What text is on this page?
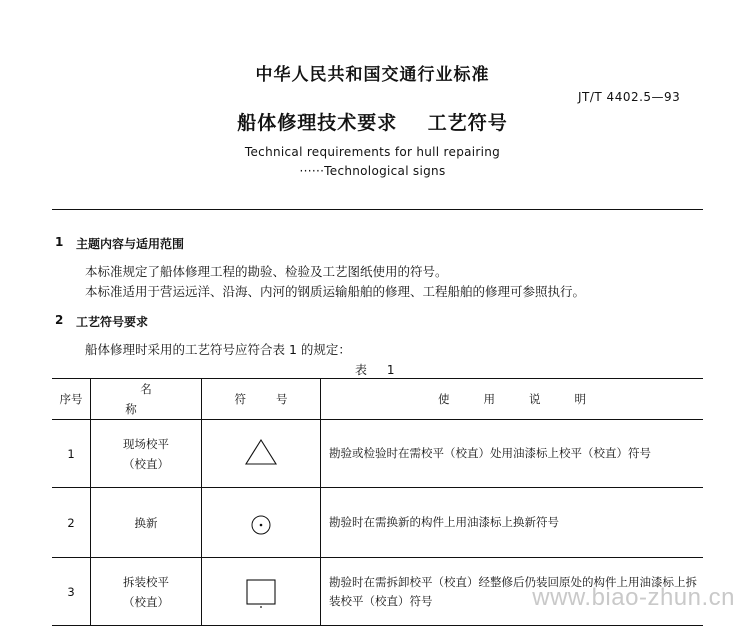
中华人民共和国交通行业标准
JT/T 4402.5—93
船体修理技术要求    工艺符号
Technical requirements for hull repairing
······Technological signs
1 主题内容与适用范围
本标准规定了船体修理工程的勘验、检验及工艺图纸使用的符号。
本标准适用于营运远洋、沿海、内河的钢质运输船舶的修理、工程船舶的修理可参照执行。
2 工艺符号要求
船体修理时采用的工艺符号应符合表 1 的规定：
表 1
序号	名称	符号	使用说明
1	现场校平
（校直）		勘验或检验时在需校平（校直）处用油漆标上校平（校直）符号
2	换新		勘验时在需换新的构件上用油漆标上换新符号
3	拆装校平
（校直）		勘验时在需拆卸校平（校直）经整修后仍装回原处的构件上用油漆标上拆装校平（校直）符号	www.biao-zhun.cn
